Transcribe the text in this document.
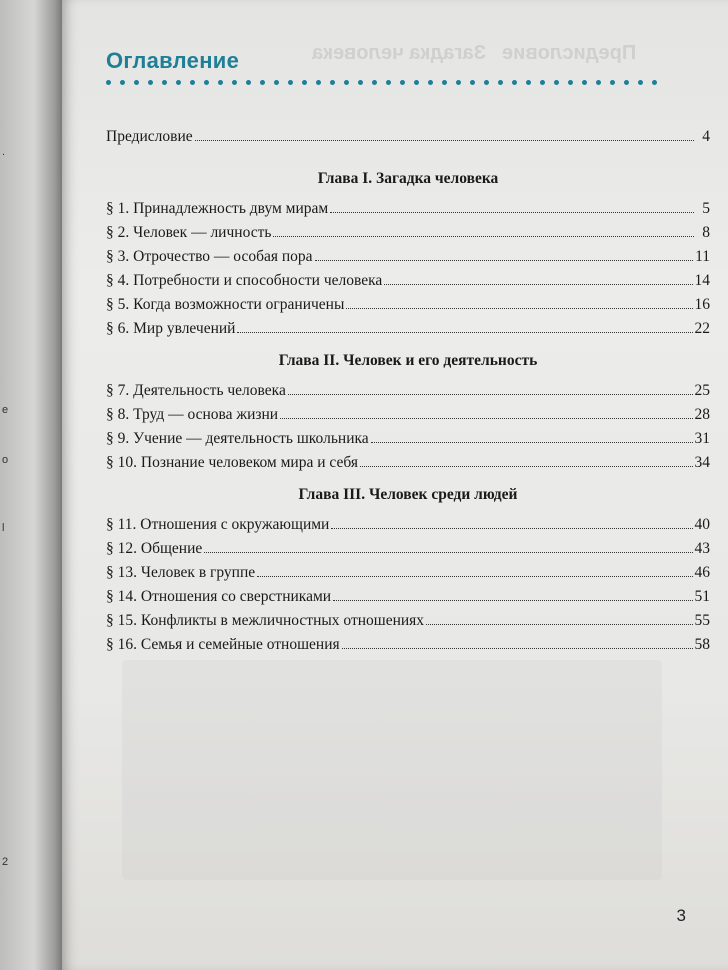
.
е
о
l
2
Предисловие
Загадка человека
Оглавление
Предисловие	4
Глава I. Загадка человека
§ 1. Принадлежность двум мирам	5
§ 2. Человек — личность	8
§ 3. Отрочество — особая пора	11
§ 4. Потребности и способности человека	14
§ 5. Когда возможности ограничены	16
§ 6. Мир увлечений	22
Глава II. Человек и его деятельность
§ 7. Деятельность человека	25
§ 8. Труд — основа жизни	28
§ 9. Учение — деятельность школьника	31
§ 10. Познание человеком мира и себя	34
Глава III. Человек среди людей
§ 11. Отношения с окружающими	40
§ 12. Общение	43
§ 13. Человек в группе	46
§ 14. Отношения со сверстниками	51
§ 15. Конфликты в межличностных отношениях	55
§ 16. Семья и семейные отношения	58
3
